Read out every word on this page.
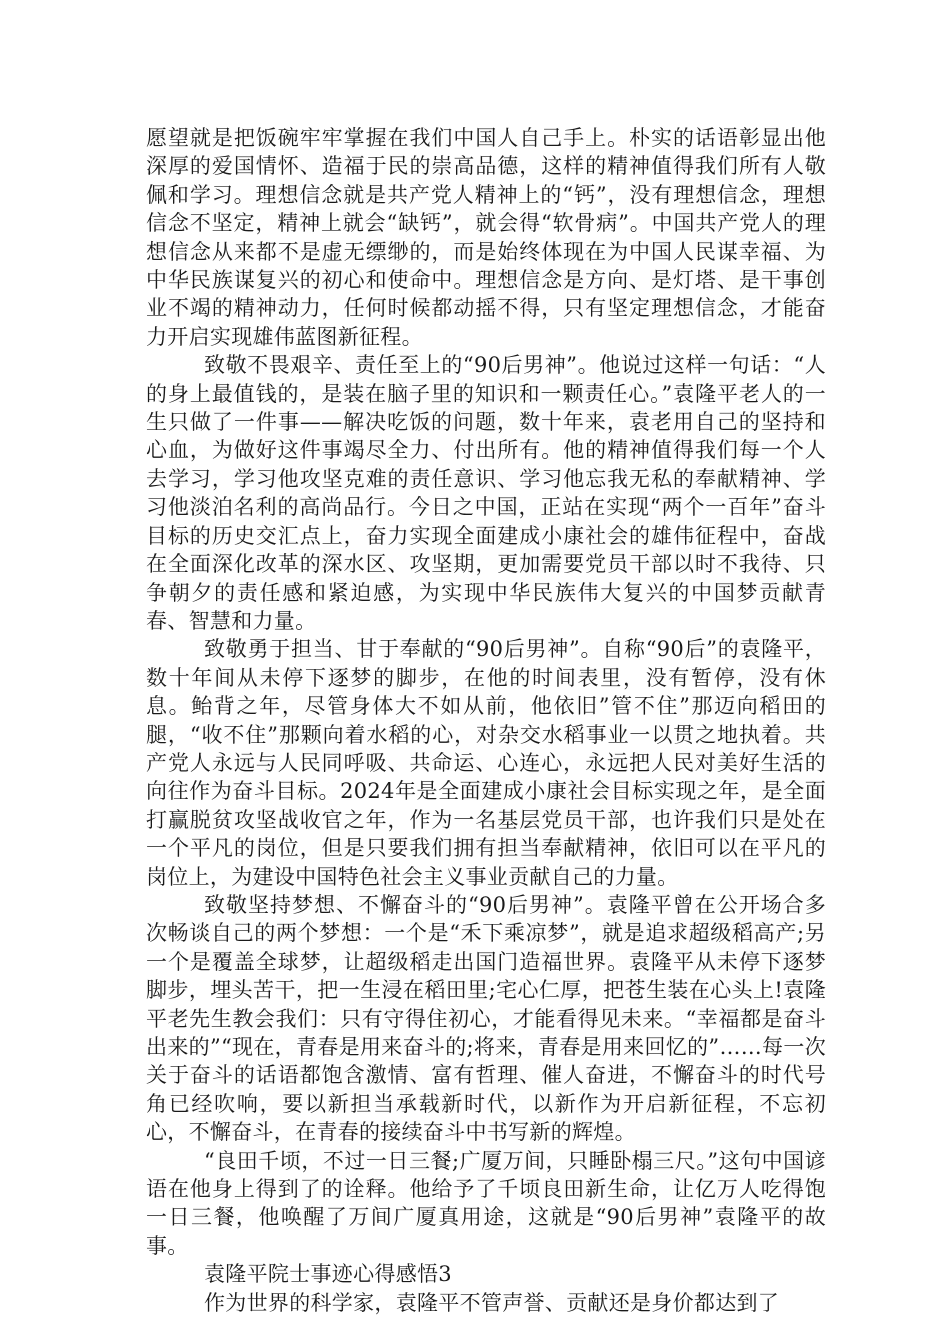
愿望就是把饭碗牢牢掌握在我们中国人自己手上。朴实的话语彰显出他深厚的爱国情怀、造福于民的崇高品德，这样的精神值得我们所有人敬佩和学习。理想信念就是共产党人精神上的“钙”，没有理想信念，理想信念不坚定，精神上就会“缺钙”，就会得“软骨病”。中国共产党人的理想信念从来都不是虚无缥缈的，而是始终体现在为中国人民谋幸福、为中华民族谋复兴的初心和使命中。理想信念是方向、是灯塔、是干事创业不竭的精神动力，任何时候都动摇不得，只有坚定理想信念，才能奋力开启实现雄伟蓝图新征程。

致敬不畏艰辛、责任至上的“90后男神”。他说过这样一句话：“人的身上最值钱的，是装在脑子里的知识和一颗责任心。”袁隆平老人的一生只做了一件事——解决吃饭的问题，数十年来，袁老用自己的坚持和心血，为做好这件事竭尽全力、付出所有。他的精神值得我们每一个人去学习，学习他攻坚克难的责任意识、学习他忘我无私的奉献精神、学习他淡泊名利的高尚品行。今日之中国，正站在实现“两个一百年”奋斗目标的历史交汇点上，奋力实现全面建成小康社会的雄伟征程中，奋战在全面深化改革的深水区、攻坚期，更加需要党员干部以时不我待、只争朝夕的责任感和紧迫感，为实现中华民族伟大复兴的中国梦贡献青春、智慧和力量。

致敬勇于担当、甘于奉献的“90后男神”。自称“90后”的袁隆平，数十年间从未停下逐梦的脚步，在他的时间表里，没有暂停，没有休息。鲐背之年，尽管身体大不如从前，他依旧”管不住”那迈向稻田的腿，“收不住”那颗向着水稻的心，对杂交水稻事业一以贯之地执着。共产党人永远与人民同呼吸、共命运、心连心，永远把人民对美好生活的向往作为奋斗目标。2024年是全面建成小康社会目标实现之年，是全面打赢脱贫攻坚战收官之年，作为一名基层党员干部，也许我们只是处在一个平凡的岗位，但是只要我们拥有担当奉献精神，依旧可以在平凡的岗位上，为建设中国特色社会主义事业贡献自己的力量。

致敬坚持梦想、不懈奋斗的“90后男神”。袁隆平曾在公开场合多次畅谈自己的两个梦想：一个是“禾下乘凉梦”，就是追求超级稻高产;另一个是覆盖全球梦，让超级稻走出国门造福世界。袁隆平从未停下逐梦脚步，埋头苦干，把一生浸在稻田里;宅心仁厚，把苍生装在心头上!袁隆平老先生教会我们：只有守得住初心，才能看得见未来。“幸福都是奋斗出来的”“现在，青春是用来奋斗的;将来，青春是用来回忆的”……每一次关于奋斗的话语都饱含激情、富有哲理、催人奋进，不懈奋斗的时代号角已经吹响，要以新担当承载新时代，以新作为开启新征程，不忘初心，不懈奋斗，在青春的接续奋斗中书写新的辉煌。

“良田千顷，不过一日三餐;广厦万间，只睡卧榻三尺。”这句中国谚语在他身上得到了的诠释。他给予了千顷良田新生命，让亿万人吃得饱一日三餐，他唤醒了万间广厦真用途，这就是“90后男神”袁隆平的故事。

袁隆平院士事迹心得感悟3

作为世界的科学家，袁隆平不管声誉、贡献还是身价都达到了
